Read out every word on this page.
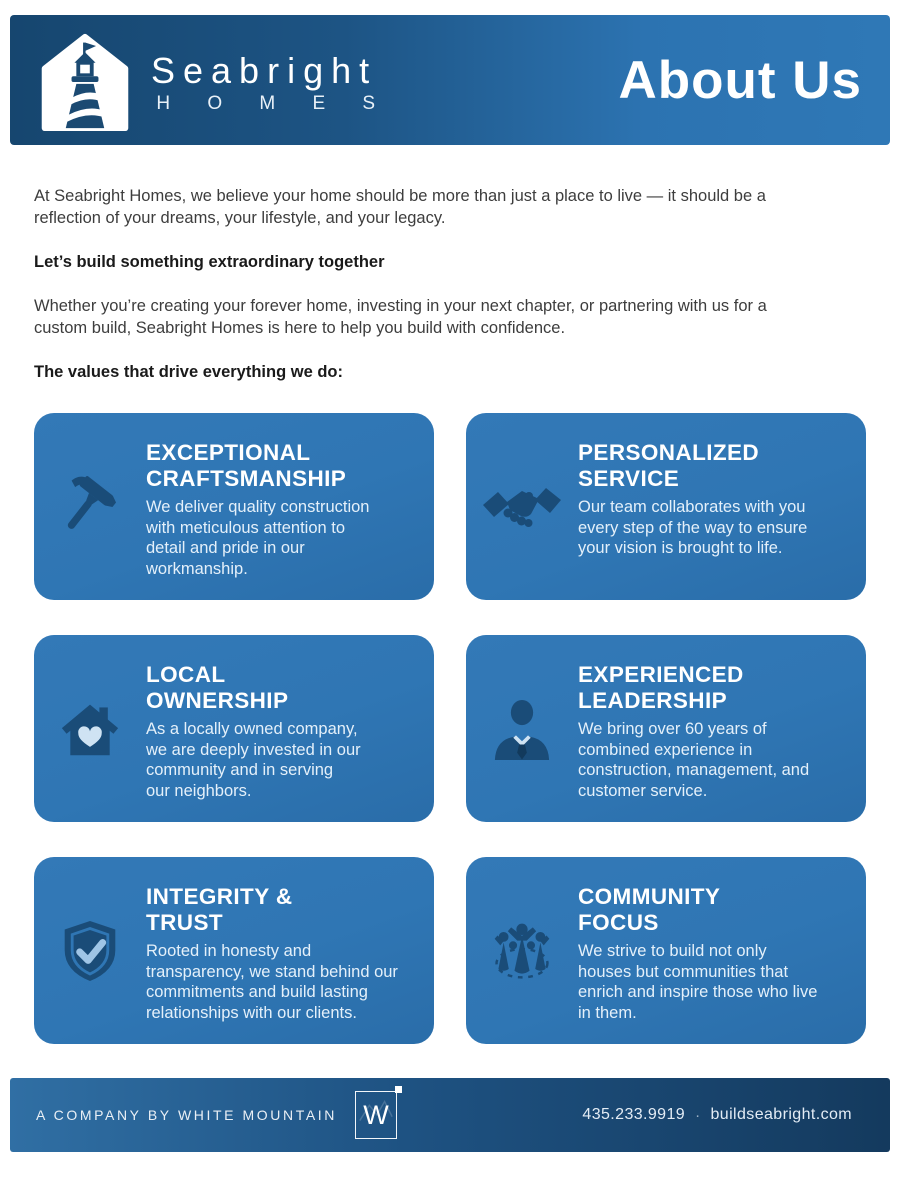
Seabright
H O M E S	About Us

At Seabright Homes, we believe your home should be more than just a place to live — it should be a
reflection of your dreams, your lifestyle, and your legacy.

Let’s build something extraordinary together

Whether you’re creating your forever home, investing in your next chapter, or partnering with us for a
custom build, Seabright Homes is here to help you build with confidence.

The values that drive everything we do:

EXCEPTIONAL
CRAFTSMANSHIP

We deliver quality construction
with meticulous attention to
detail and pride in our
workmanship.

PERSONALIZED
SERVICE

Our team collaborates with you
every step of the way to ensure
your vision is brought to life.

LOCAL
OWNERSHIP

As a locally owned company,
we are deeply invested in our
community and in serving
our neighbors.

EXPERIENCED
LEADERSHIP

We bring over 60 years of
combined experience in
construction, management, and
customer service.

INTEGRITY &
TRUST

Rooted in honesty and
transparency, we stand behind our
commitments and build lasting
relationships with our clients.

COMMUNITY
FOCUS

We strive to build not only
houses but communities that
enrich and inspire those who live
in them.

A COMPANY BY WHITE MOUNTAIN W	435.233.9919 · buildseabright.com
